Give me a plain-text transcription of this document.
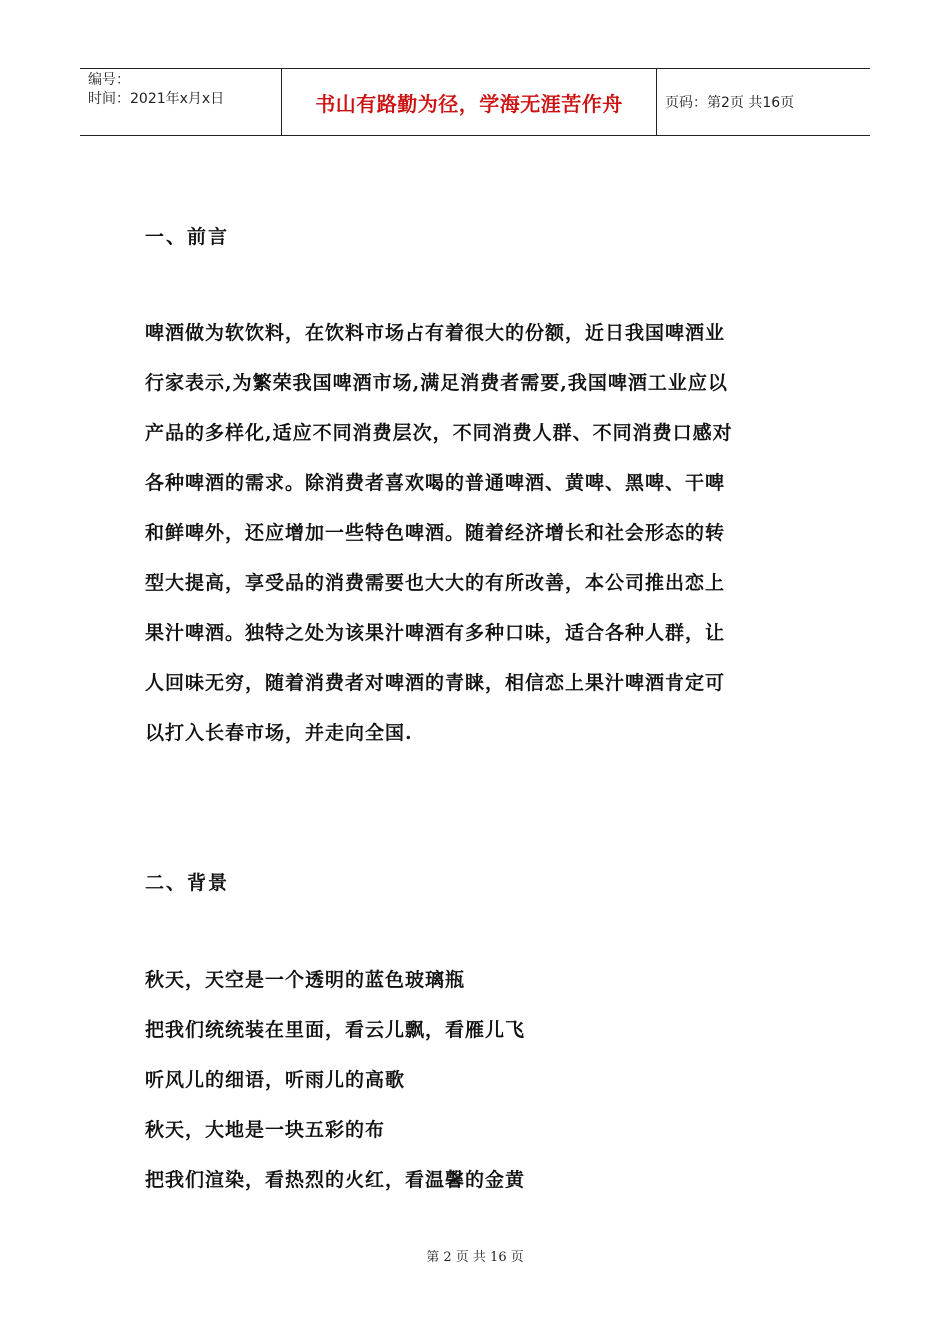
编号：
时间：2021年x月x日	书山有路勤为径，学海无涯苦作舟	页码：第2页 共16页
一、前言

啤酒做为软饮料，在饮料市场占有着很大的份额，近日我国啤酒业

行家表示,为繁荣我国啤酒市场,满足消费者需要,我国啤酒工业应以

产品的多样化,适应不同消费层次，不同消费人群、不同消费口感对

各种啤酒的需求。除消费者喜欢喝的普通啤酒、黄啤、黑啤、干啤

和鲜啤外，还应增加一些特色啤酒。随着经济增长和社会形态的转

型大提高，享受品的消费需要也大大的有所改善，本公司推出恋上

果汁啤酒。独特之处为该果汁啤酒有多种口味，适合各种人群，让

人回味无穷，随着消费者对啤酒的青睐，相信恋上果汁啤酒肯定可

以打入长春市场，并走向全国.

二、背景

秋天，天空是一个透明的蓝色玻璃瓶

把我们统统装在里面，看云儿飘，看雁儿飞

听风儿的细语，听雨儿的高歌

秋天，大地是一块五彩的布

把我们渲染，看热烈的火红，看温馨的金黄

第 2 页 共 16 页
